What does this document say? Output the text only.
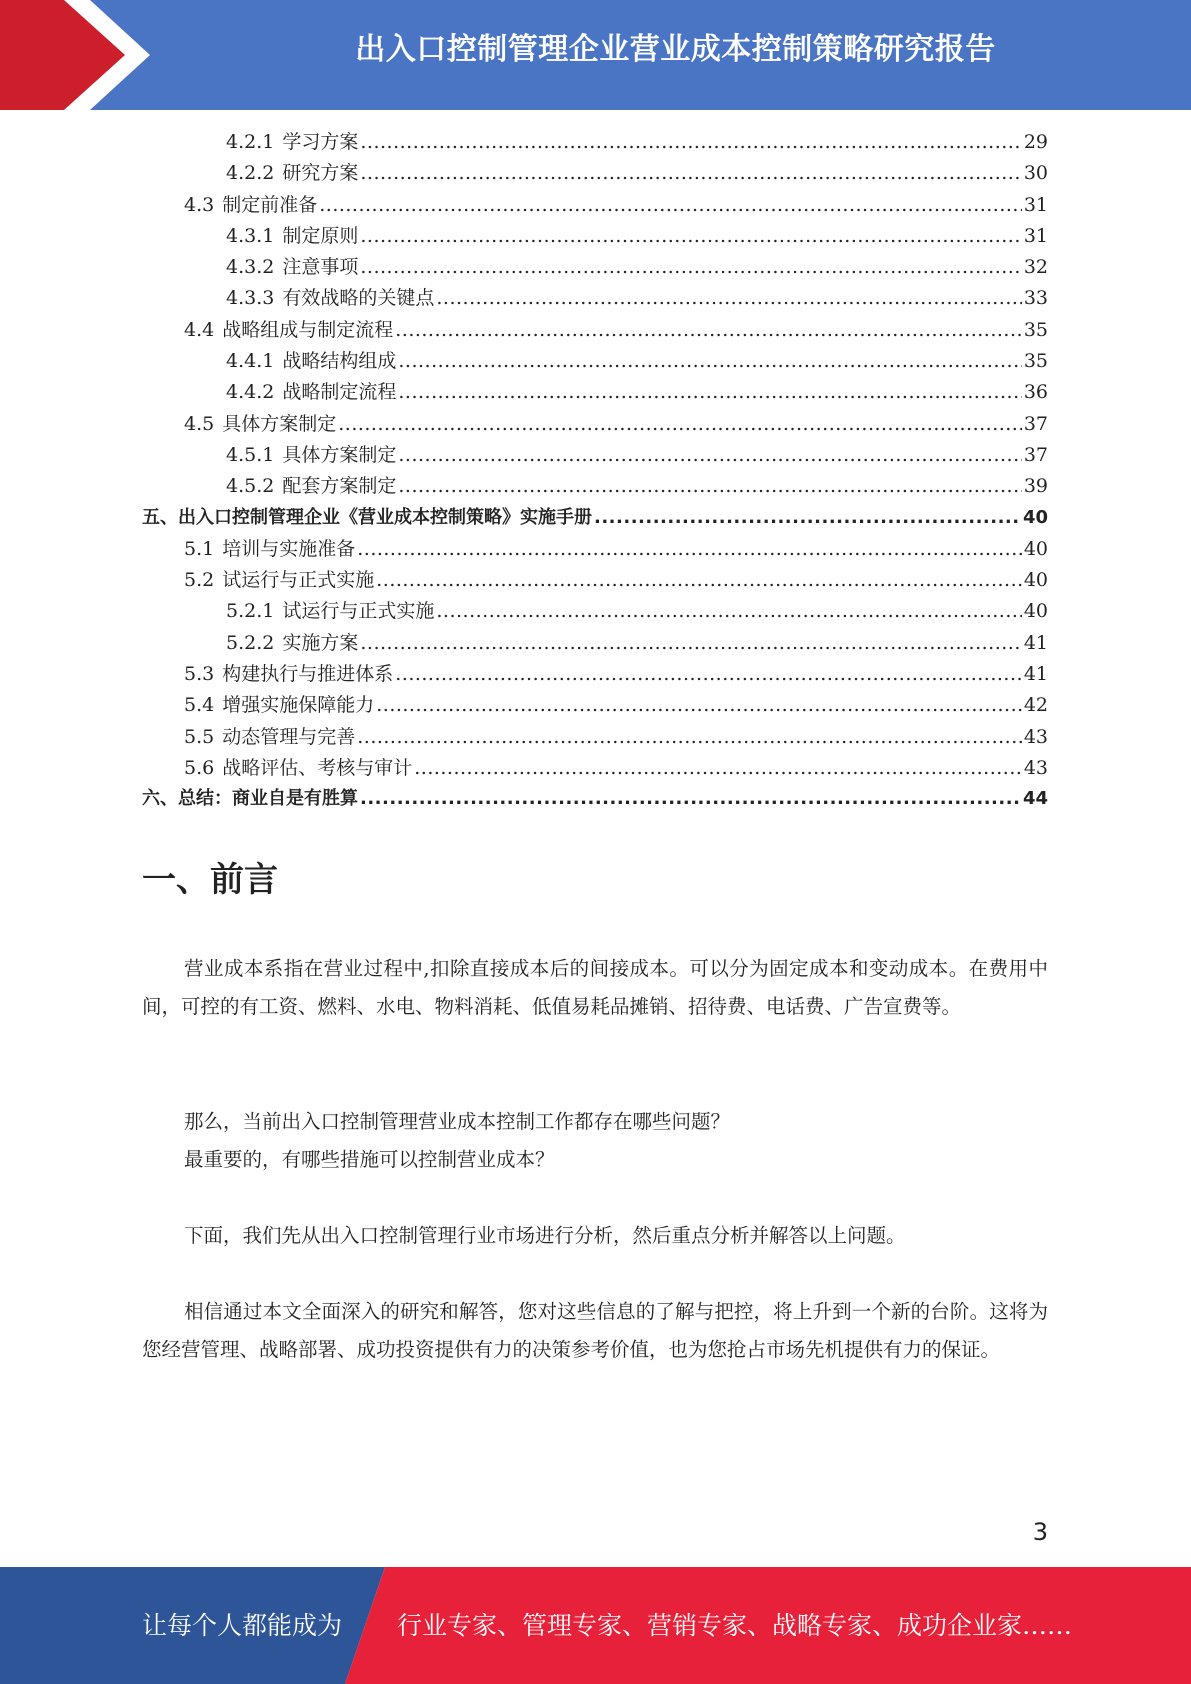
出入口控制管理企业营业成本控制策略研究报告
4.2.1 学习方案 .....	29
4.2.2 研究方案 .....	30
4.3 制定前准备 .....	31
4.3.1 制定原则 .....	31
4.3.2 注意事项 .....	32
4.3.3 有效战略的关键点 .....	33
4.4 战略组成与制定流程 .....	35
4.4.1 战略结构组成 .....	35
4.4.2 战略制定流程 .....	36
4.5 具体方案制定 .....	37
4.5.1 具体方案制定 .....	37
4.5.2 配套方案制定 .....	39
五、出入口控制管理企业《营业成本控制策略》实施手册 .....	40
5.1 培训与实施准备 .....	40
5.2 试运行与正式实施 .....	40
5.2.1 试运行与正式实施 .....	40
5.2.2 实施方案 .....	41
5.3 构建执行与推进体系 .....	41
5.4 增强实施保障能力 .....	42
5.5 动态管理与完善 .....	43
5.6 战略评估、考核与审计 .....	43
六、总结：商业自是有胜算 .....	44
一、前言

营业成本系指在营业过程中,扣除直接成本后的间接成本。可以分为固定成本和变动成本。在费用中间，可控的有工资、燃料、水电、物料消耗、低值易耗品摊销、招待费、电话费、广告宣费等。

那么，当前出入口控制管理营业成本控制工作都存在哪些问题？

最重要的，有哪些措施可以控制营业成本？

下面，我们先从出入口控制管理行业市场进行分析，然后重点分析并解答以上问题。

相信通过本文全面深入的研究和解答，您对这些信息的了解与把控，将上升到一个新的台阶。这将为您经营管理、战略部署、成功投资提供有力的决策参考价值，也为您抢占市场先机提供有力的保证。

3
让每个人都能成为 行业专家、管理专家、营销专家、战略专家、成功企业家……
